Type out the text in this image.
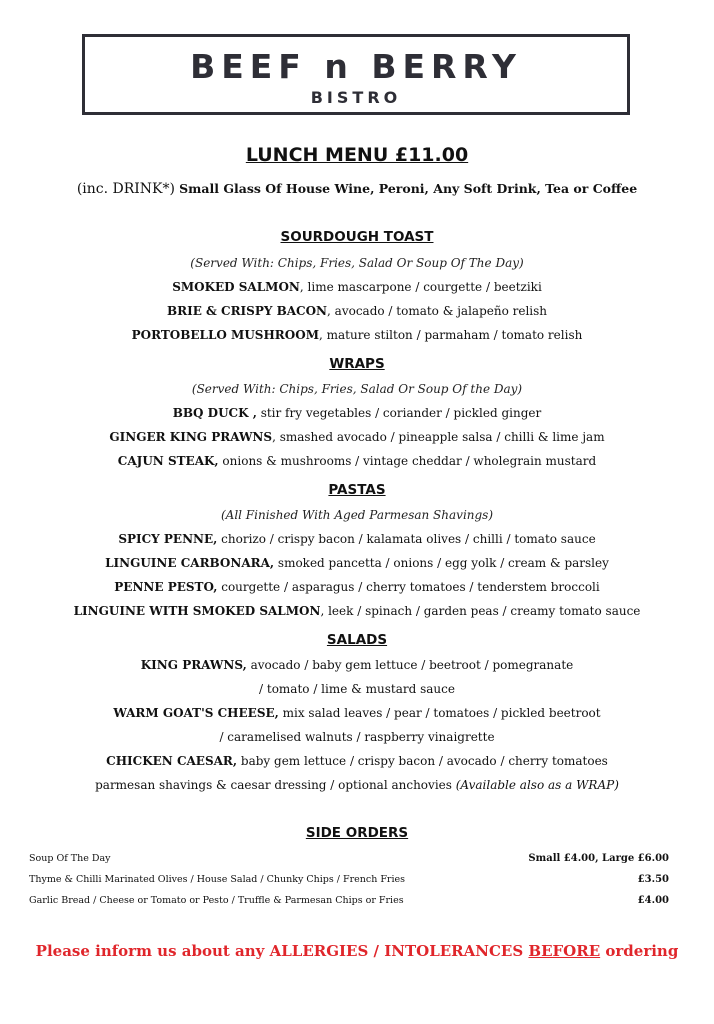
BEEF n BERRY
BISTRO
LUNCH MENU £11.00
(inc. DRINK*) Small Glass Of House Wine, Peroni, Any Soft Drink, Tea or Coffee
SOURDOUGH TOAST
(Served With: Chips, Fries, Salad Or Soup Of The Day)
SMOKED SALMON, lime mascarpone / courgette / beetziki
BRIE & CRISPY BACON, avocado / tomato & jalapeño relish
PORTOBELLO MUSHROOM, mature stilton / parmaham / tomato relish
WRAPS
(Served With: Chips, Fries, Salad Or Soup Of the Day)
BBQ DUCK , stir fry vegetables / coriander / pickled ginger
GINGER KING PRAWNS, smashed avocado / pineapple salsa / chilli & lime jam
CAJUN STEAK, onions & mushrooms / vintage cheddar / wholegrain mustard
PASTAS
(All Finished With Aged Parmesan Shavings)
SPICY PENNE, chorizo / crispy bacon / kalamata olives / chilli / tomato sauce
LINGUINE CARBONARA, smoked pancetta / onions / egg yolk / cream & parsley
PENNE PESTO, courgette / asparagus / cherry tomatoes / tenderstem broccoli
LINGUINE WITH SMOKED SALMON, leek / spinach / garden peas / creamy tomato sauce
SALADS
KING PRAWNS, avocado / baby gem lettuce / beetroot / pomegranate
/ tomato / lime & mustard sauce
WARM GOAT'S CHEESE, mix salad leaves / pear / tomatoes / pickled beetroot
/ caramelised walnuts / raspberry vinaigrette
CHICKEN CAESAR, baby gem lettuce / crispy bacon / avocado / cherry tomatoes
parmesan shavings & caesar dressing / optional anchovies (Available also as a WRAP)
SIDE ORDERS
Soup Of The Day	Small £4.00, Large £6.00
Thyme & Chilli Marinated Olives / House Salad / Chunky Chips / French Fries	£3.50
Garlic Bread / Cheese or Tomato or Pesto / Truffle & Parmesan Chips or Fries	£4.00
Please inform us about any ALLERGIES / INTOLERANCES BEFORE ordering
